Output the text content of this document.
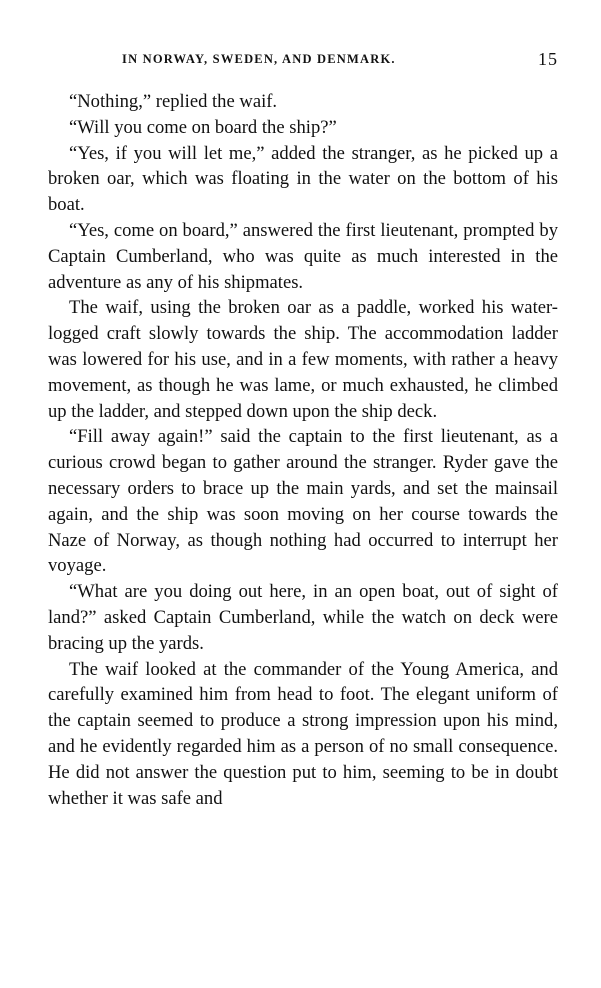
IN NORWAY, SWEDEN, AND DENMARK.	15

“Nothing,” replied the waif.

“Will you come on board the ship?”

“Yes, if you will let me,” added the stranger, as he picked up a broken oar, which was floating in the water on the bottom of his boat.

“Yes, come on board,” answered the first lieutenant, prompted by Captain Cumberland, who was quite as much interested in the adventure as any of his shipmates.

The waif, using the broken oar as a paddle, worked his water-logged craft slowly towards the ship. The accommodation ladder was lowered for his use, and in a few moments, with rather a heavy movement, as though he was lame, or much exhausted, he climbed up the ladder, and stepped down upon the ship deck.

“Fill away again!” said the captain to the first lieutenant, as a curious crowd began to gather around the stranger. Ryder gave the necessary orders to brace up the main yards, and set the mainsail again, and the ship was soon moving on her course towards the Naze of Norway, as though nothing had occurred to interrupt her voyage.

“What are you doing out here, in an open boat, out of sight of land?” asked Captain Cumberland, while the watch on deck were bracing up the yards.

The waif looked at the commander of the Young America, and carefully examined him from head to foot. The elegant uniform of the captain seemed to produce a strong impression upon his mind, and he evidently regarded him as a person of no small consequence. He did not answer the question put to him, seeming to be in doubt whether it was safe and
